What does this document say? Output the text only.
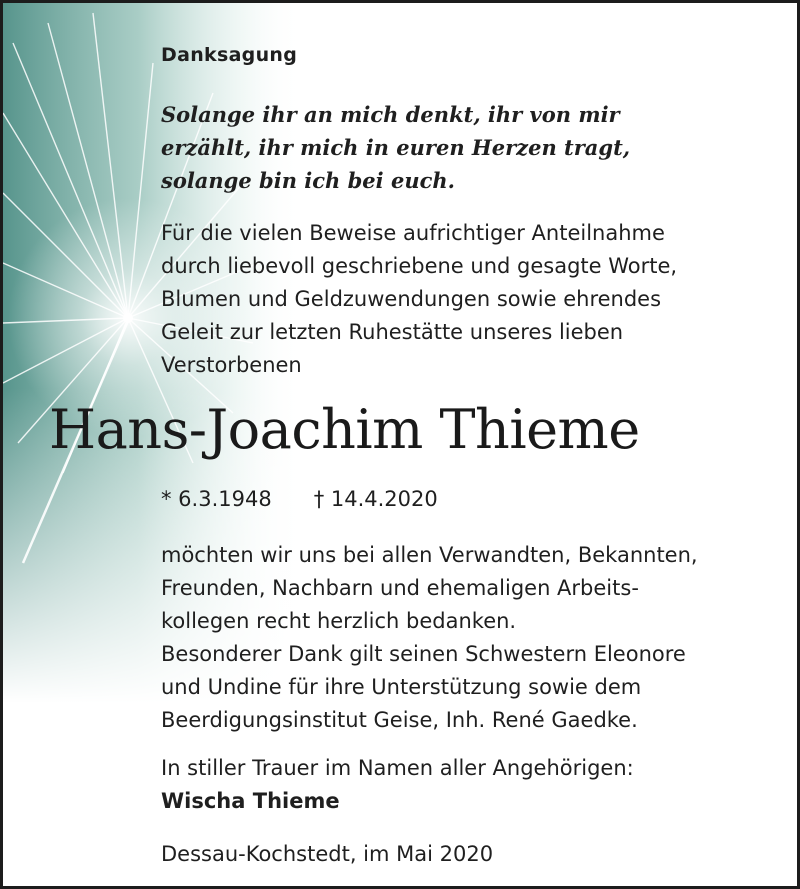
Danksagung
Solange ihr an mich denkt, ihr von mir
erzählt, ihr mich in euren Herzen tragt,
solange bin ich bei euch.
Für die vielen Beweise aufrichtiger Anteilnahme
durch liebevoll geschriebene und gesagte Worte,
Blumen und Geldzuwendungen sowie ehrendes
Geleit zur letzten Ruhestätte unseres lieben
Verstorbenen
Hans-Joachim Thieme
* 6.3.1948 † 14.4.2020
möchten wir uns bei allen Verwandten, Bekannten,
Freunden, Nachbarn und ehemaligen Arbeits-
kollegen recht herzlich bedanken.
Besonderer Dank gilt seinen Schwestern Eleonore
und Undine für ihre Unterstützung sowie dem
Beerdigungsinstitut Geise, Inh. René Gaedke.
In stiller Trauer im Namen aller Angehörigen:
Wischa Thieme
Dessau-Kochstedt, im Mai 2020
